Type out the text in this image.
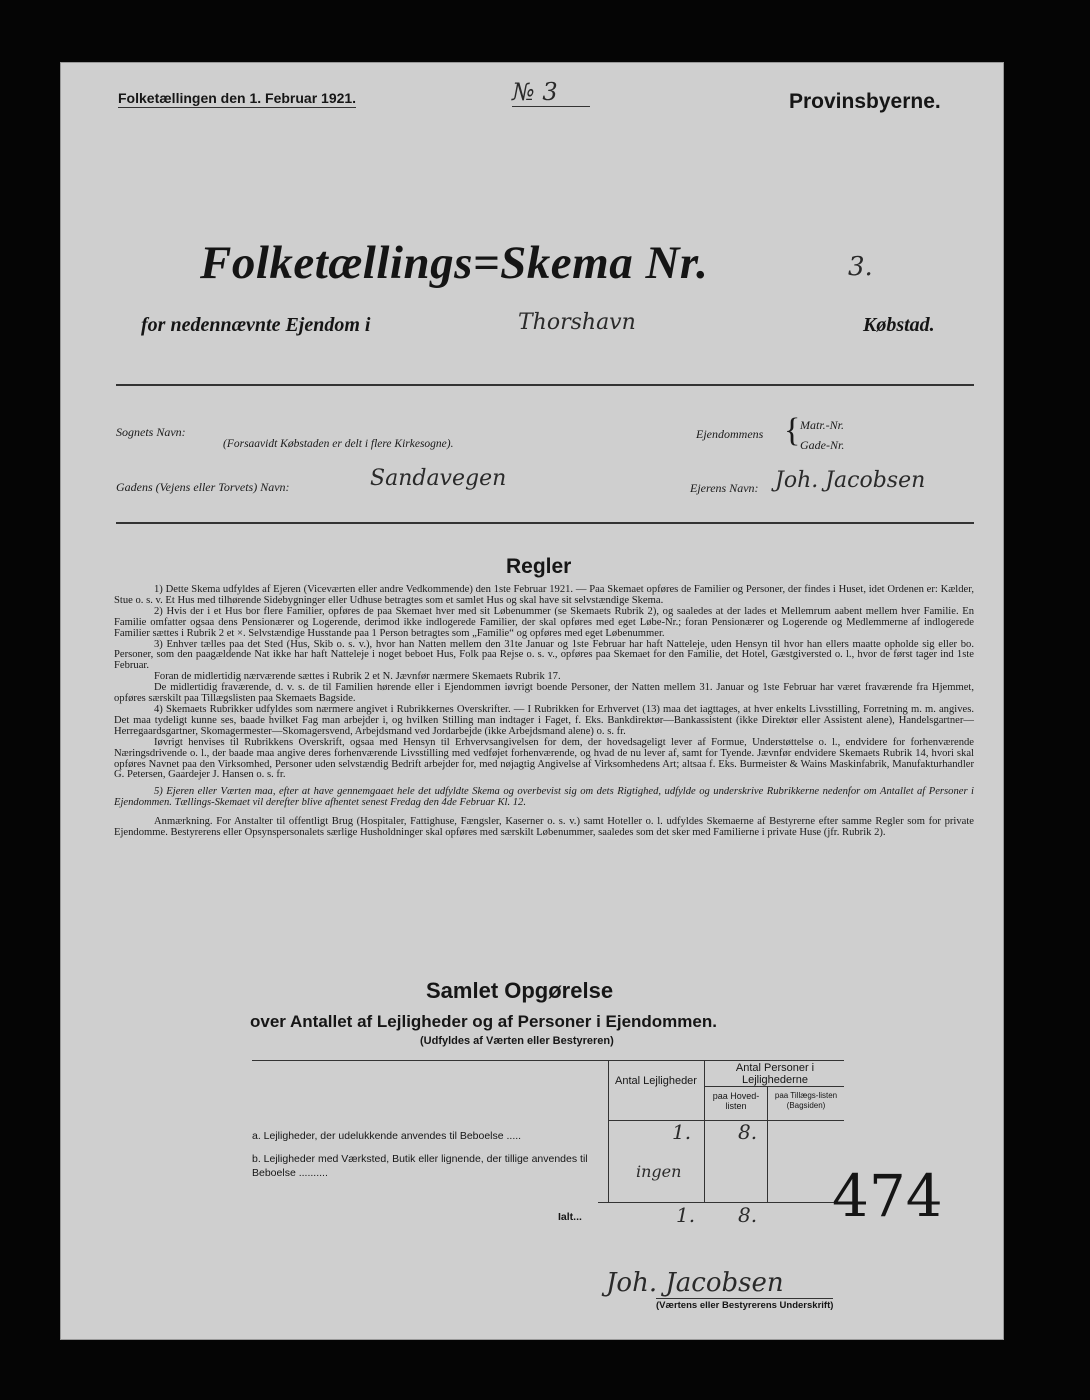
Folketællingen den 1. Februar 1921.	№ 3	Provinsbyerne.
Folketællings=Skema Nr.	3.
for nedennævnte Ejendom i	Thorshavn	Købstad.
Sognets Navn:
(Forsaavidt Købstaden er delt i flere Kirkesogne).
Ejendommens { Matr.-Nr.
Gade-Nr.
Gadens (Vejens eller Torvets) Navn:	Sandavegen	Ejerens Navn: Joh. Jacobsen
Regler

1) Dette Skema udfyldes af Ejeren (Viceværten eller andre Vedkommende) den 1ste Februar 1921. — Paa Skemaet opføres de Familier og Personer, der findes i Huset, idet Ordenen er: Kælder, Stue o. s. v. Et Hus med tilhørende Sidebygninger eller Udhuse betragtes som et samlet Hus og skal have sit selvstændige Skema.

2) Hvis der i et Hus bor flere Familier, opføres de paa Skemaet hver med sit Løbenummer (se Skemaets Rubrik 2), og saaledes at der lades et Mellemrum aabent mellem hver Familie. En Familie omfatter ogsaa dens Pensionærer og Logerende, derimod ikke indlogerede Familier, der skal opføres med eget Løbe-Nr.; foran Pensionærer og Logerende og Medlemmerne af indlogerede Familier sættes i Rubrik 2 et ×. Selvstændige Husstande paa 1 Person betragtes som „Familie“ og opføres med eget Løbenummer.

3) Enhver tælles paa det Sted (Hus, Skib o. s. v.), hvor han Natten mellem den 31te Januar og 1ste Februar har haft Natteleje, uden Hensyn til hvor han ellers maatte opholde sig eller bo. Personer, som den paagældende Nat ikke har haft Natteleje i noget beboet Hus, Folk paa Rejse o. s. v., opføres paa Skemaet for den Familie, det Hotel, Gæstgiversted o. l., hvor de først tager ind 1ste Februar.

Foran de midlertidig nærværende sættes i Rubrik 2 et N. Jævnfør nærmere Skemaets Rubrik 17.

De midlertidig fraværende, d. v. s. de til Familien hørende eller i Ejendommen iøvrigt boende Personer, der Natten mellem 31. Januar og 1ste Februar har været fraværende fra Hjemmet, opføres særskilt paa Tillægslisten paa Skemaets Bagside.

4) Skemaets Rubrikker udfyldes som nærmere angivet i Rubrikkernes Overskrifter. — I Rubrikken for Erhvervet (13) maa det iagttages, at hver enkelts Livsstilling, Forretning m. m. angives. Det maa tydeligt kunne ses, baade hvilket Fag man arbejder i, og hvilken Stilling man indtager i Faget, f. Eks. Bankdirektør—Bankassistent (ikke Direktør eller Assistent alene), Handelsgartner—Herregaardsgartner, Skomagermester—Skomagersvend, Arbejdsmand ved Jordarbejde (ikke Arbejdsmand alene) o. s. fr.

Iøvrigt henvises til Rubrikkens Overskrift, ogsaa med Hensyn til Erhvervsangivelsen for dem, der hovedsageligt lever af Formue, Understøttelse o. l., endvidere for forhenværende Næringsdrivende o. l., der baade maa angive deres forhenværende Livsstilling med vedføjet forhenværende, og hvad de nu lever af, samt for Tyende. Jævnfør endvidere Skemaets Rubrik 14, hvori skal opføres Navnet paa den Virksomhed, Personer uden selvstændig Bedrift arbejder for, med nøjagtig Angivelse af Virksomhedens Art; altsaa f. Eks. Burmeister & Wains Maskinfabrik, Manufakturhandler G. Petersen, Gaardejer J. Hansen o. s. fr.

5) Ejeren eller Værten maa, efter at have gennemgaaet hele det udfyldte Skema og overbevist sig om dets Rigtighed, udfylde og underskrive Rubrikkerne nedenfor om Antallet af Personer i Ejendommen. Tællings-Skemaet vil derefter blive afhentet senest Fredag den 4de Februar Kl. 12.

Anmærkning. For Anstalter til offentligt Brug (Hospitaler, Fattighuse, Fængsler, Kaserner o. s. v.) samt Hoteller o. l. udfyldes Skemaerne af Bestyrerne efter samme Regler som for private Ejendomme. Bestyrerens eller Opsynspersonalets særlige Husholdninger skal opføres med særskilt Løbenummer, saaledes som det sker med Familierne i private Huse (jfr. Rubrik 2).

Samlet Opgørelse
over Antallet af Lejligheder og af Personer i Ejendommen.
(Udfyldes af Værten eller Bestyreren)
Antal Lejligheder
Antal Personer i Lejlighederne
paa Hoved-listen
paa Tillægs-listen (Bagsiden)
a. Lejligheder, der udelukkende anvendes til Beboelse .....	1. 8.
b. Lejligheder med Værksted, Butik eller lignende, der tillige anvendes til Beboelse ..........	ingen
Ialt...	1. 8. 474
Joh. Jacobsen
(Værtens eller Bestyrerens Underskrift)
